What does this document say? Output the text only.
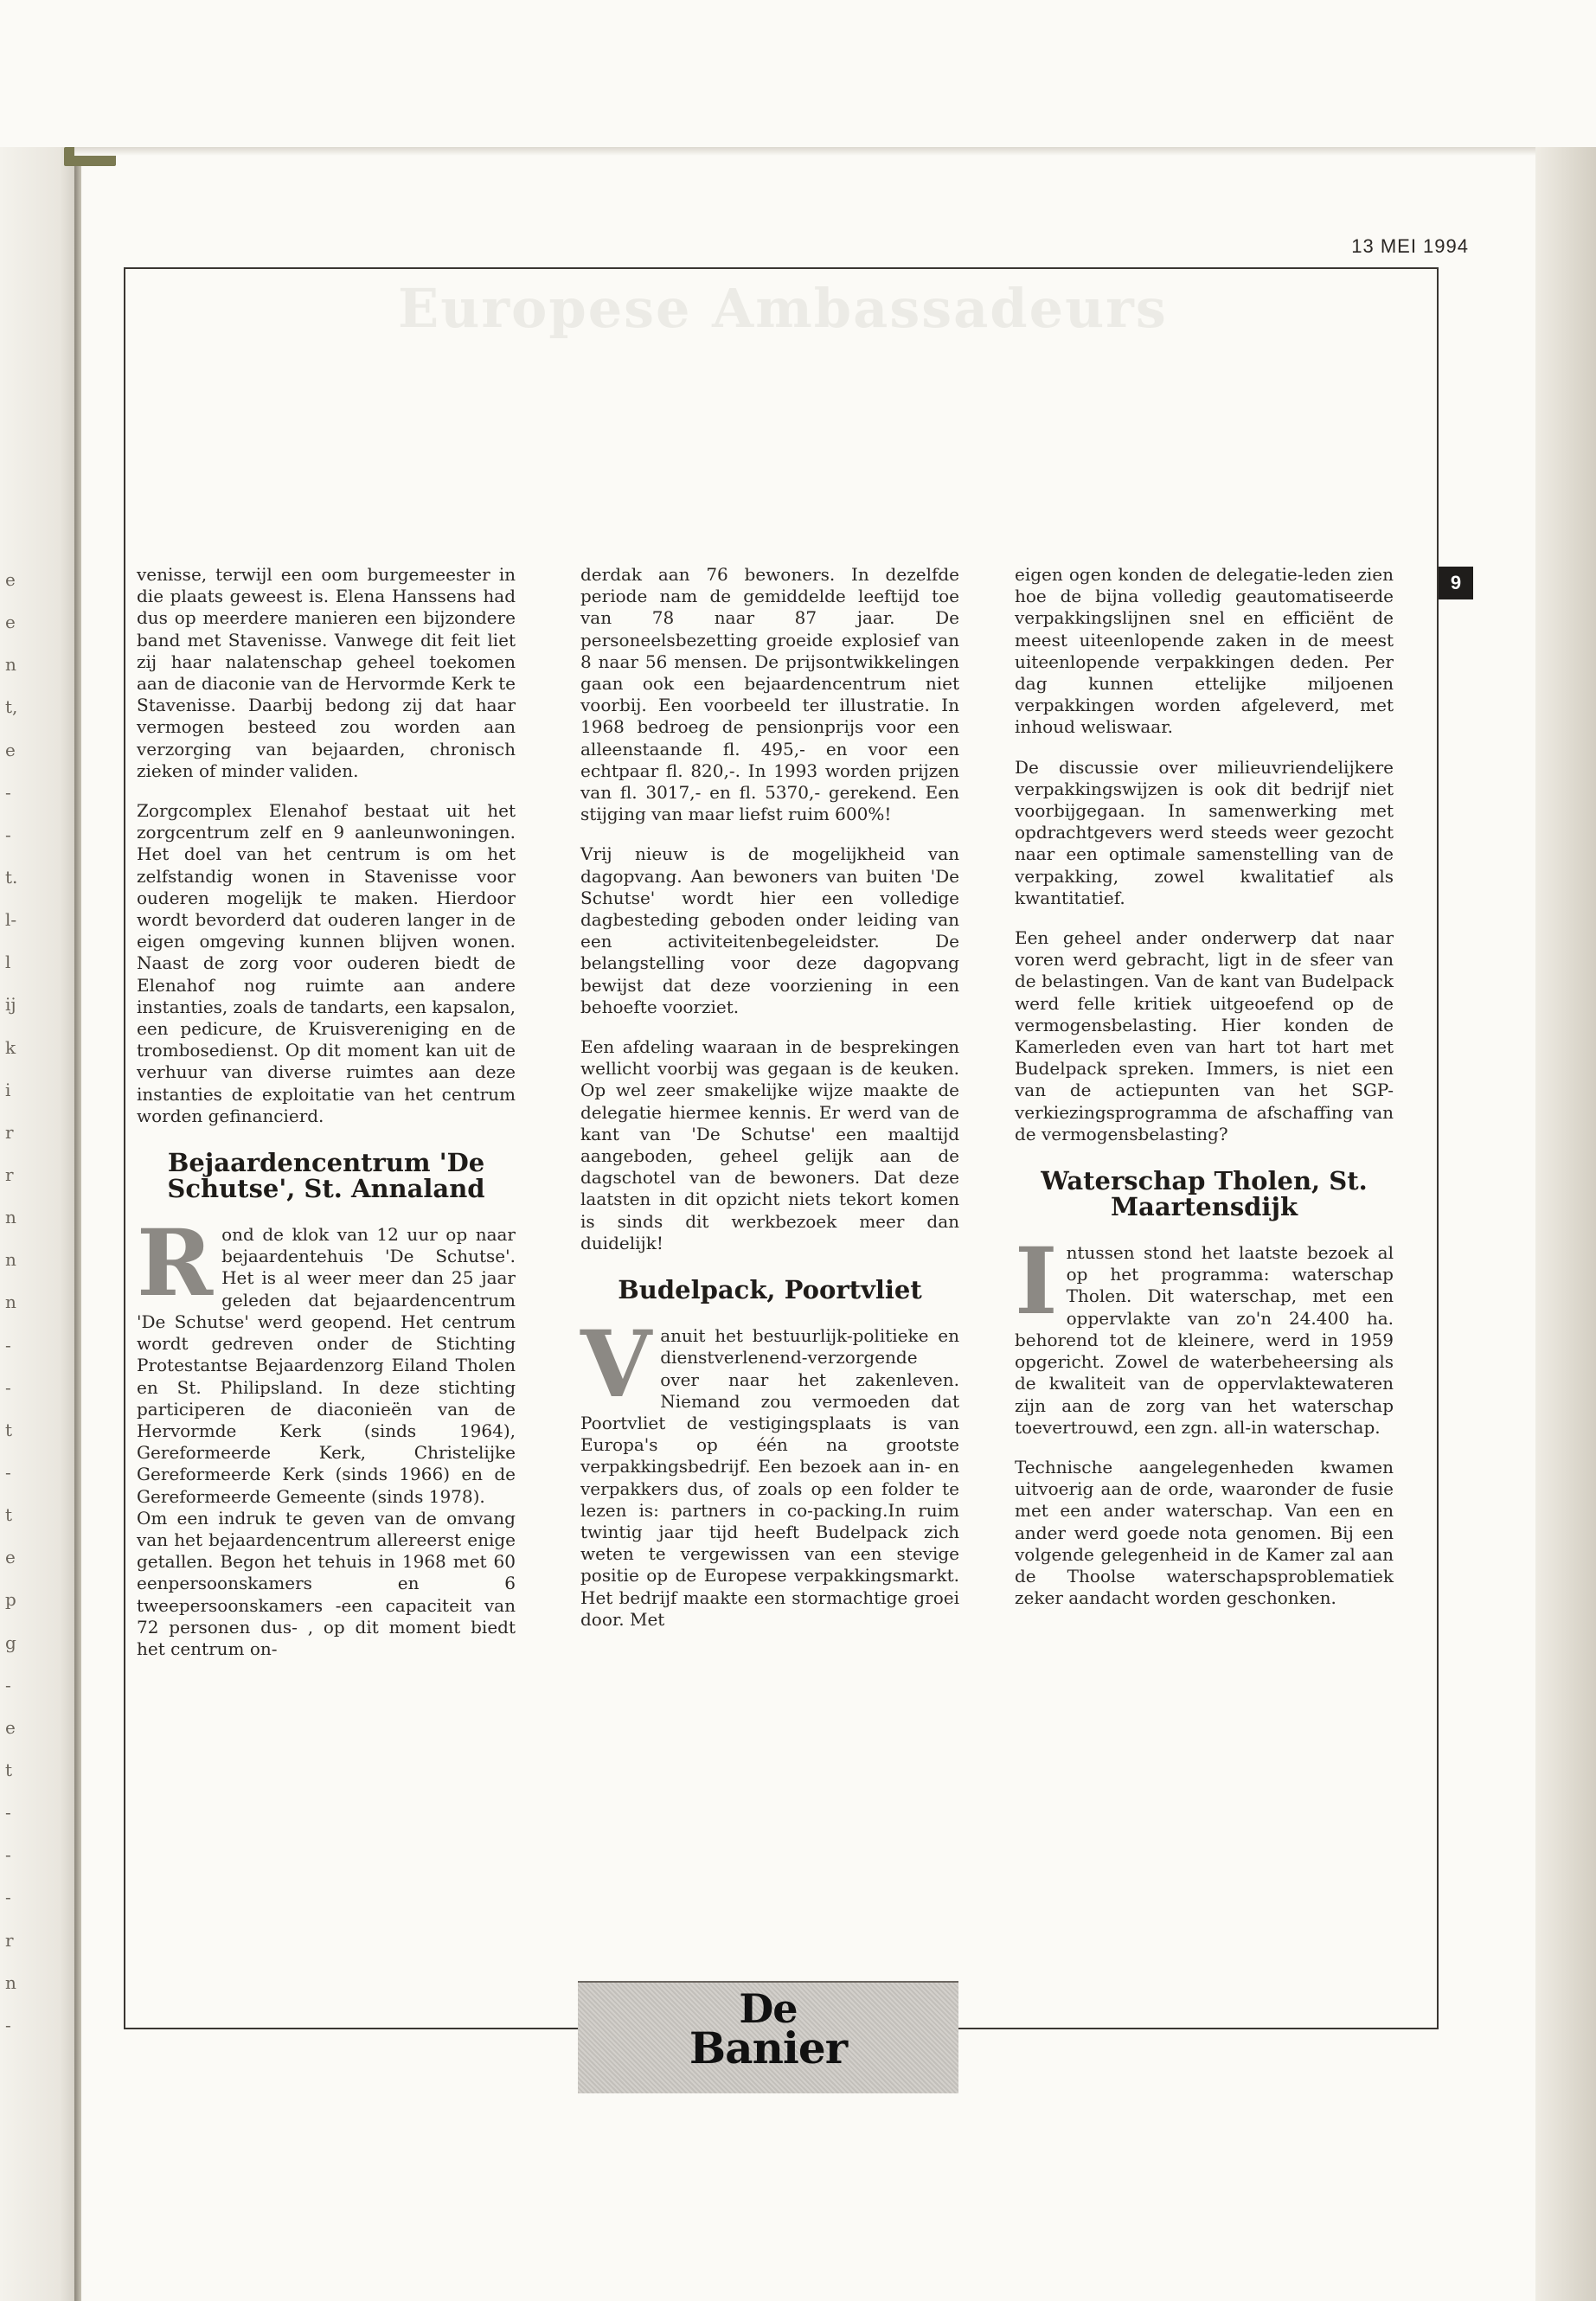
e
e
n
t,
e
-
-
t.
l-
l
ij
k
i
r
r
n
n
n
-
-
t
-
t
e
p
g
-
e
t
-
-
-
r
n
-
13 MEI 1994
Europese Ambassadeurs
9

venisse, terwijl een oom burgemeester in die plaats geweest is. Elena Hanssens had dus op meerdere manieren een bijzondere band met Stavenisse. Vanwege dit feit liet zij haar nalatenschap geheel toekomen aan de diaconie van de Hervormde Kerk te Stavenisse. Daarbij bedong zij dat haar vermogen besteed zou worden aan verzorging van bejaarden, chronisch zieken of minder validen.

Zorgcomplex Elenahof bestaat uit het zorgcentrum zelf en 9 aanleunwoningen. Het doel van het centrum is om het zelfstandig wonen in Stavenisse voor ouderen mogelijk te maken. Hierdoor wordt bevorderd dat ouderen langer in de eigen omgeving kunnen blijven wonen. Naast de zorg voor ouderen biedt de Elenahof nog ruimte aan andere instanties, zoals de tandarts, een kapsalon, een pedicure, de Kruisvereniging en de trombosedienst. Op dit moment kan uit de verhuur van diverse ruimtes aan deze instanties de exploitatie van het centrum worden gefinancierd.

Bejaardencentrum 'De Schutse', St. Annaland

Rond de klok van 12 uur op naar bejaardentehuis 'De Schutse'. Het is al weer meer dan 25 jaar geleden dat bejaardencentrum 'De Schutse' werd geopend. Het centrum wordt gedreven onder de Stichting Protestantse Bejaardenzorg Eiland Tholen en St. Philipsland. In deze stichting participeren de diaconieën van de Hervormde Kerk (sinds 1964), Gereformeerde Kerk, Christelijke Gereformeerde Kerk (sinds 1966) en de Gereformeerde Gemeente (sinds 1978).

Om een indruk te geven van de omvang van het bejaardencentrum allereerst enige getallen. Begon het tehuis in 1968 met 60 eenpersoonskamers en 6 tweepersoonskamers -een capaciteit van 72 personen dus- , op dit moment biedt het centrum on-

derdak aan 76 bewoners. In dezelfde periode nam de gemiddelde leeftijd toe van 78 naar 87 jaar. De personeelsbezetting groeide explosief van 8 naar 56 mensen. De prijsontwikkelingen gaan ook een bejaardencentrum niet voorbij. Een voorbeeld ter illustratie. In 1968 bedroeg de pensionprijs voor een alleenstaande fl. 495,- en voor een echtpaar fl. 820,-. In 1993 worden prijzen van fl. 3017,- en fl. 5370,- gerekend. Een stijging van maar liefst ruim 600%!

Vrij nieuw is de mogelijkheid van dagopvang. Aan bewoners van buiten 'De Schutse' wordt hier een volledige dagbesteding geboden onder leiding van een activiteitenbegeleidster. De belangstelling voor deze dagopvang bewijst dat deze voorziening in een behoefte voorziet.

Een afdeling waaraan in de besprekingen wellicht voorbij was gegaan is de keuken. Op wel zeer smakelijke wijze maakte de delegatie hiermee kennis. Er werd van de kant van 'De Schutse' een maaltijd aangeboden, geheel gelijk aan de dagschotel van de bewoners. Dat deze laatsten in dit opzicht niets tekort komen is sinds dit werkbezoek meer dan duidelijk!

Budelpack, Poortvliet

Vanuit het bestuurlijk-politieke en dienstverlenend-verzorgende over naar het zakenleven. Niemand zou vermoeden dat Poortvliet de vestigingsplaats is van Europa's op één na grootste verpakkingsbedrijf. Een bezoek aan in- en verpakkers dus, of zoals op een folder te lezen is: partners in co-packing.In ruim twintig jaar tijd heeft Budelpack zich weten te vergewissen van een stevige positie op de Europese verpakkingsmarkt. Het bedrijf maakte een stormachtige groei door. Met

eigen ogen konden de delegatie-leden zien hoe de bijna volledig geautomatiseerde verpakkingslijnen snel en efficiënt de meest uiteenlopende zaken in de meest uiteenlopende verpakkingen deden. Per dag kunnen ettelijke miljoenen verpakkingen worden afgeleverd, met inhoud weliswaar.

De discussie over milieuvriendelijkere verpakkingswijzen is ook dit bedrijf niet voorbijgegaan. In samenwerking met opdrachtgevers werd steeds weer gezocht naar een optimale samenstelling van de verpakking, zowel kwalitatief als kwantitatief.

Een geheel ander onderwerp dat naar voren werd gebracht, ligt in de sfeer van de belastingen. Van de kant van Budelpack werd felle kritiek uitgeoefend op de vermogensbelasting. Hier konden de Kamerleden even van hart tot hart met Budelpack spreken. Immers, is niet een van de actiepunten van het SGP-verkiezingsprogramma de afschaffing van de vermogensbelasting?

Waterschap Tholen, St. Maartensdijk

Intussen stond het laatste bezoek al op het programma: waterschap Tholen. Dit waterschap, met een oppervlakte van zo'n 24.400 ha. behorend tot de kleinere, werd in 1959 opgericht. Zowel de waterbeheersing als de kwaliteit van de oppervlaktewateren zijn aan de zorg van het waterschap toevertrouwd, een zgn. all-in waterschap.

Technische aangelegenheden kwamen uitvoerig aan de orde, waaronder de fusie met een ander waterschap. Van een en ander werd goede nota genomen. Bij een volgende gelegenheid in de Kamer zal aan de Thoolse waterschapsproblematiek zeker aandacht worden geschonken.

De
Banier
